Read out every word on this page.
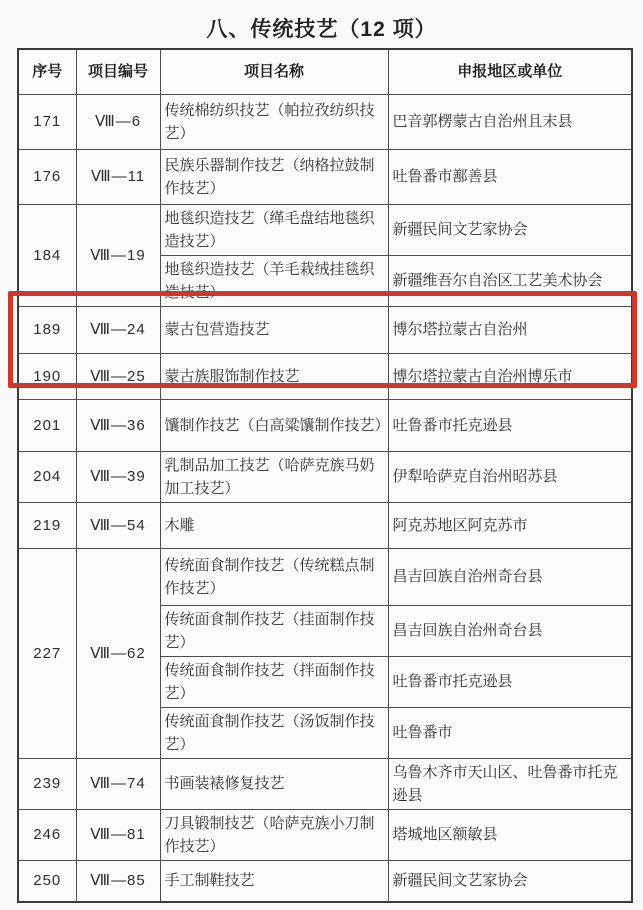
八、传统技艺（12 项）
序号	项目编号	项目名称	申报地区或单位
171	Ⅷ—6	传统棉纺织技艺（帕拉孜纺织技艺）	巴音郭楞蒙古自治州且末县
176	Ⅷ—11	民族乐器制作技艺（纳格拉鼓制作技艺）	吐鲁番市鄯善县
184	Ⅷ—19	地毯织造技艺（缂毛盘结地毯织造技艺）	新疆民间文艺家协会
		地毯织造技艺（羊毛栽绒挂毯织造技艺）	新疆维吾尔自治区工艺美术协会
189	Ⅷ—24	蒙古包营造技艺	博尔塔拉蒙古自治州
190	Ⅷ—25	蒙古族服饰制作技艺	博尔塔拉蒙古自治州博乐市
201	Ⅷ—36	馕制作技艺（白高粱馕制作技艺）	吐鲁番市托克逊县
204	Ⅷ—39	乳制品加工技艺（哈萨克族马奶加工技艺）	伊犁哈萨克自治州昭苏县
219	Ⅷ—54	木雕	阿克苏地区阿克苏市
227	Ⅷ—62	传统面食制作技艺（传统糕点制作技艺）	昌吉回族自治州奇台县
		传统面食制作技艺（挂面制作技艺）	昌吉回族自治州奇台县
		传统面食制作技艺（拌面制作技艺）	吐鲁番市托克逊县
		传统面食制作技艺（汤饭制作技艺）	吐鲁番市
239	Ⅷ—74	书画装裱修复技艺	乌鲁木齐市天山区、吐鲁番市托克逊县
246	Ⅷ—81	刀具锻制技艺（哈萨克族小刀制作技艺）	塔城地区额敏县
250	Ⅷ—85	手工制鞋技艺	新疆民间文艺家协会
